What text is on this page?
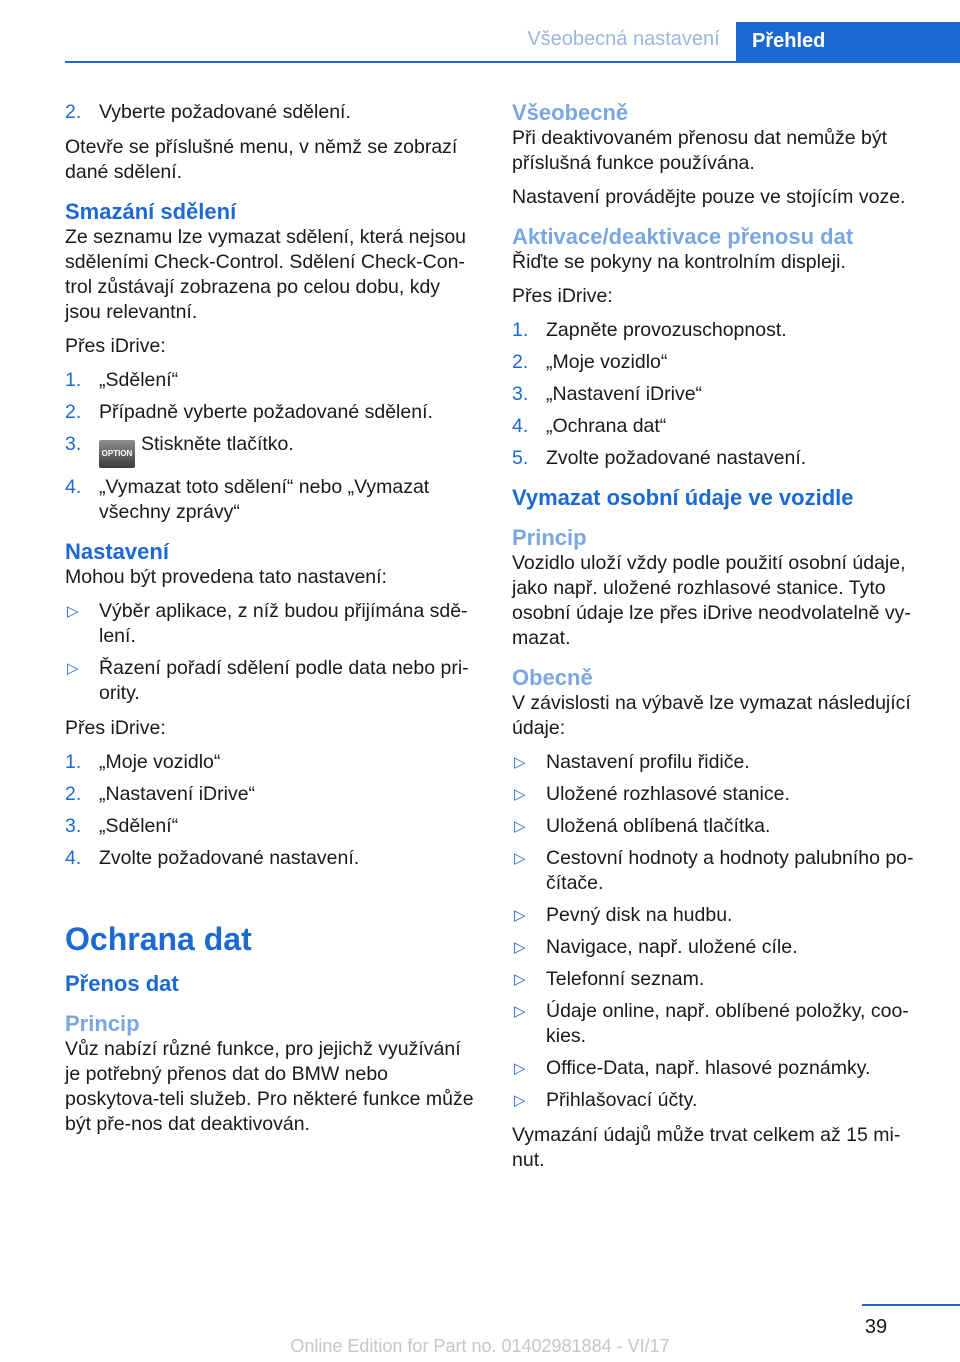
Všeobecná nastavení	Přehled
2. Vyberte požadované sdělení.

Otevře se příslušné menu, v němž se zobrazí dané sdělení.

Smazání sdělení

Ze seznamu lze vymazat sdělení, která nejsou sděleními Check-Control. Sdělení Check-Con-trol zůstávají zobrazena po celou dobu, kdy jsou relevantní.

Přes iDrive:

1. „Sdělení“
2. Případně vyberte požadované sdělení.
3.	OPTION Stiskněte tlačítko.
4. „Vymazat toto sdělení“ nebo „Vymazat všechny zprávy“
Nastavení

Mohou být provedena tato nastavení:

▷ Výběr aplikace, z níž budou přijímána sdě-lení.
▷ Řazení pořadí sdělení podle data nebo pri-ority.

Přes iDrive:

1. „Moje vozidlo“
2. „Nastavení iDrive“
3. „Sdělení“
4. Zvolte požadované nastavení.
Ochrana dat
Přenos dat
Princip

Vůz nabízí různé funkce, pro jejichž využívání je potřebný přenos dat do BMW nebo poskytova-teli služeb. Pro některé funkce může být pře-nos dat deaktivován.

Všeobecně

Při deaktivovaném přenosu dat nemůže být příslušná funkce používána.

Nastavení provádějte pouze ve stojícím voze.

Aktivace/deaktivace přenosu dat

Řiďte se pokyny na kontrolním displeji.

Přes iDrive:

1. Zapněte provozuschopnost.
2. „Moje vozidlo“
3. „Nastavení iDrive“
4. „Ochrana dat“
5. Zvolte požadované nastavení.
Vymazat osobní údaje ve vozidle
Princip

Vozidlo uloží vždy podle použití osobní údaje, jako např. uložené rozhlasové stanice. Tyto osobní údaje lze přes iDrive neodvolatelně vy-mazat.

Obecně

V závislosti na výbavě lze vymazat následující údaje:

▷ Nastavení profilu řidiče.
▷ Uložené rozhlasové stanice.
▷ Uložená oblíbená tlačítka.
▷ Cestovní hodnoty a hodnoty palubního po-čítače.
▷ Pevný disk na hudbu.
▷ Navigace, např. uložené cíle.
▷ Telefonní seznam.
▷ Údaje online, např. oblíbené položky, coo-kies.
▷ Office-Data, např. hlasové poznámky.
▷ Přihlašovací účty.

Vymazání údajů může trvat celkem až 15 mi-nut.

39
Online Edition for Part no. 01402981884 - VI/17
